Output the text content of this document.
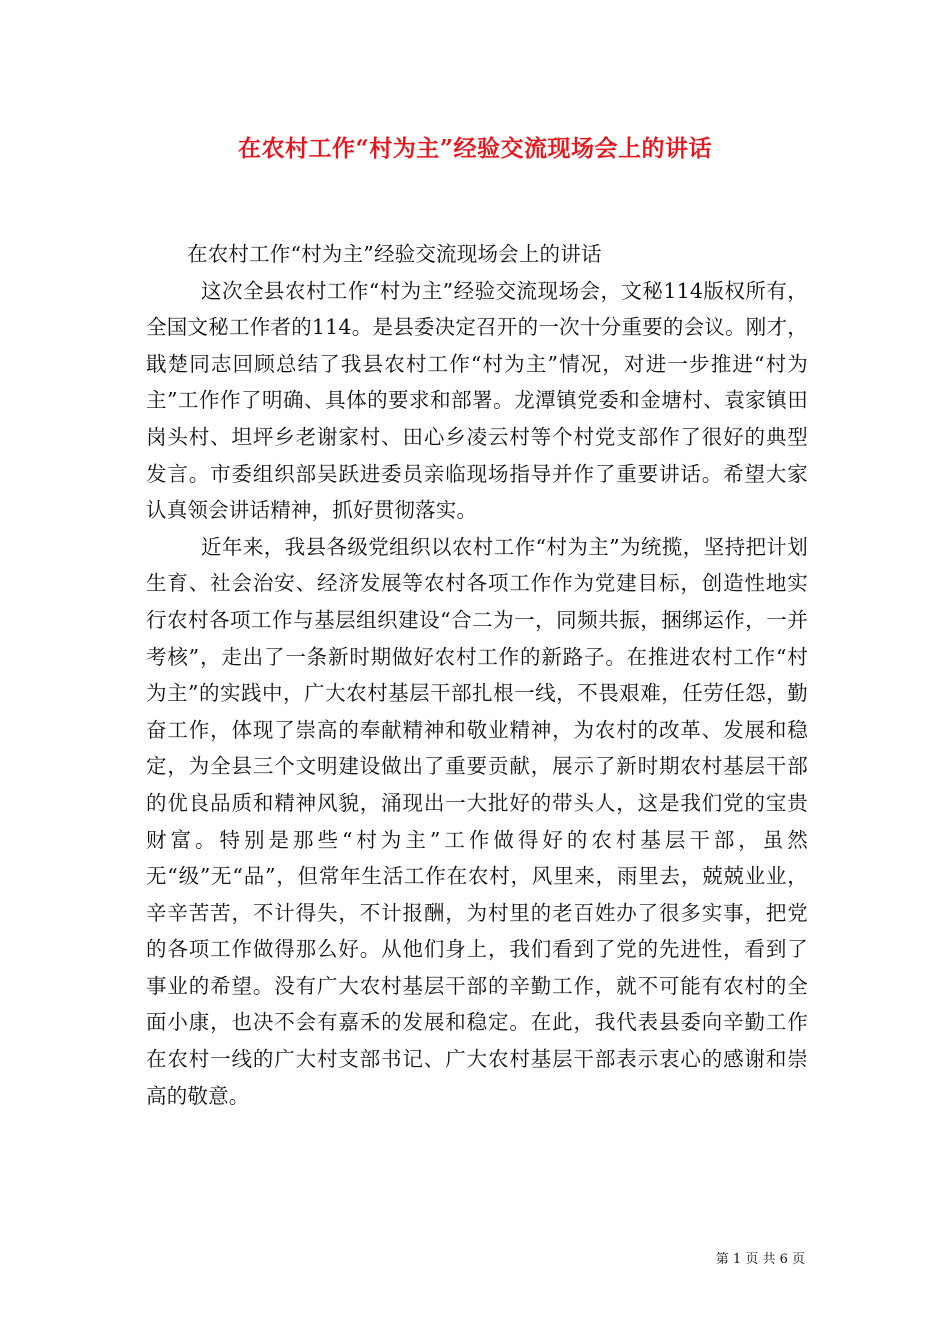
在农村工作“村为主”经验交流现场会上的讲话

在农村工作“村为主”经验交流现场会上的讲话

这次全县农村工作“村为主”经验交流现场会，文秘114版权所有，全国文秘工作者的114。是县委决定召开的一次十分重要的会议。刚才，戢楚同志回顾总结了我县农村工作“村为主”情况，对进一步推进“村为主”工作作了明确、具体的要求和部署。龙潭镇党委和金塘村、袁家镇田岗头村、坦坪乡老谢家村、田心乡凌云村等个村党支部作了很好的典型发言。市委组织部吴跃进委员亲临现场指导并作了重要讲话。希望大家认真领会讲话精神，抓好贯彻落实。

近年来，我县各级党组织以农村工作“村为主”为统揽，坚持把计划生育、社会治安、经济发展等农村各项工作作为党建目标，创造性地实行农村各项工作与基层组织建设“合二为一，同频共振，捆绑运作，一并考核”，走出了一条新时期做好农村工作的新路子。在推进农村工作“村为主”的实践中，广大农村基层干部扎根一线，不畏艰难，任劳任怨，勤奋工作，体现了崇高的奉献精神和敬业精神，为农村的改革、发展和稳定，为全县三个文明建设做出了重要贡献，展示了新时期农村基层干部的优良品质和精神风貌，涌现出一大批好的带头人，这是我们党的宝贵财富。特别是那些“村为主”工作做得好的农村基层干部，虽然无“级”无“品”，但常年生活工作在农村，风里来，雨里去，兢兢业业，辛辛苦苦，不计得失，不计报酬，为村里的老百姓办了很多实事，把党的各项工作做得那么好。从他们身上，我们看到了党的先进性，看到了事业的希望。没有广大农村基层干部的辛勤工作，就不可能有农村的全面小康，也决不会有嘉禾的发展和稳定。在此，我代表县委向辛勤工作在农村一线的广大村支部书记、广大农村基层干部表示衷心的感谢和崇高的敬意。

第 1 页 共 6 页
